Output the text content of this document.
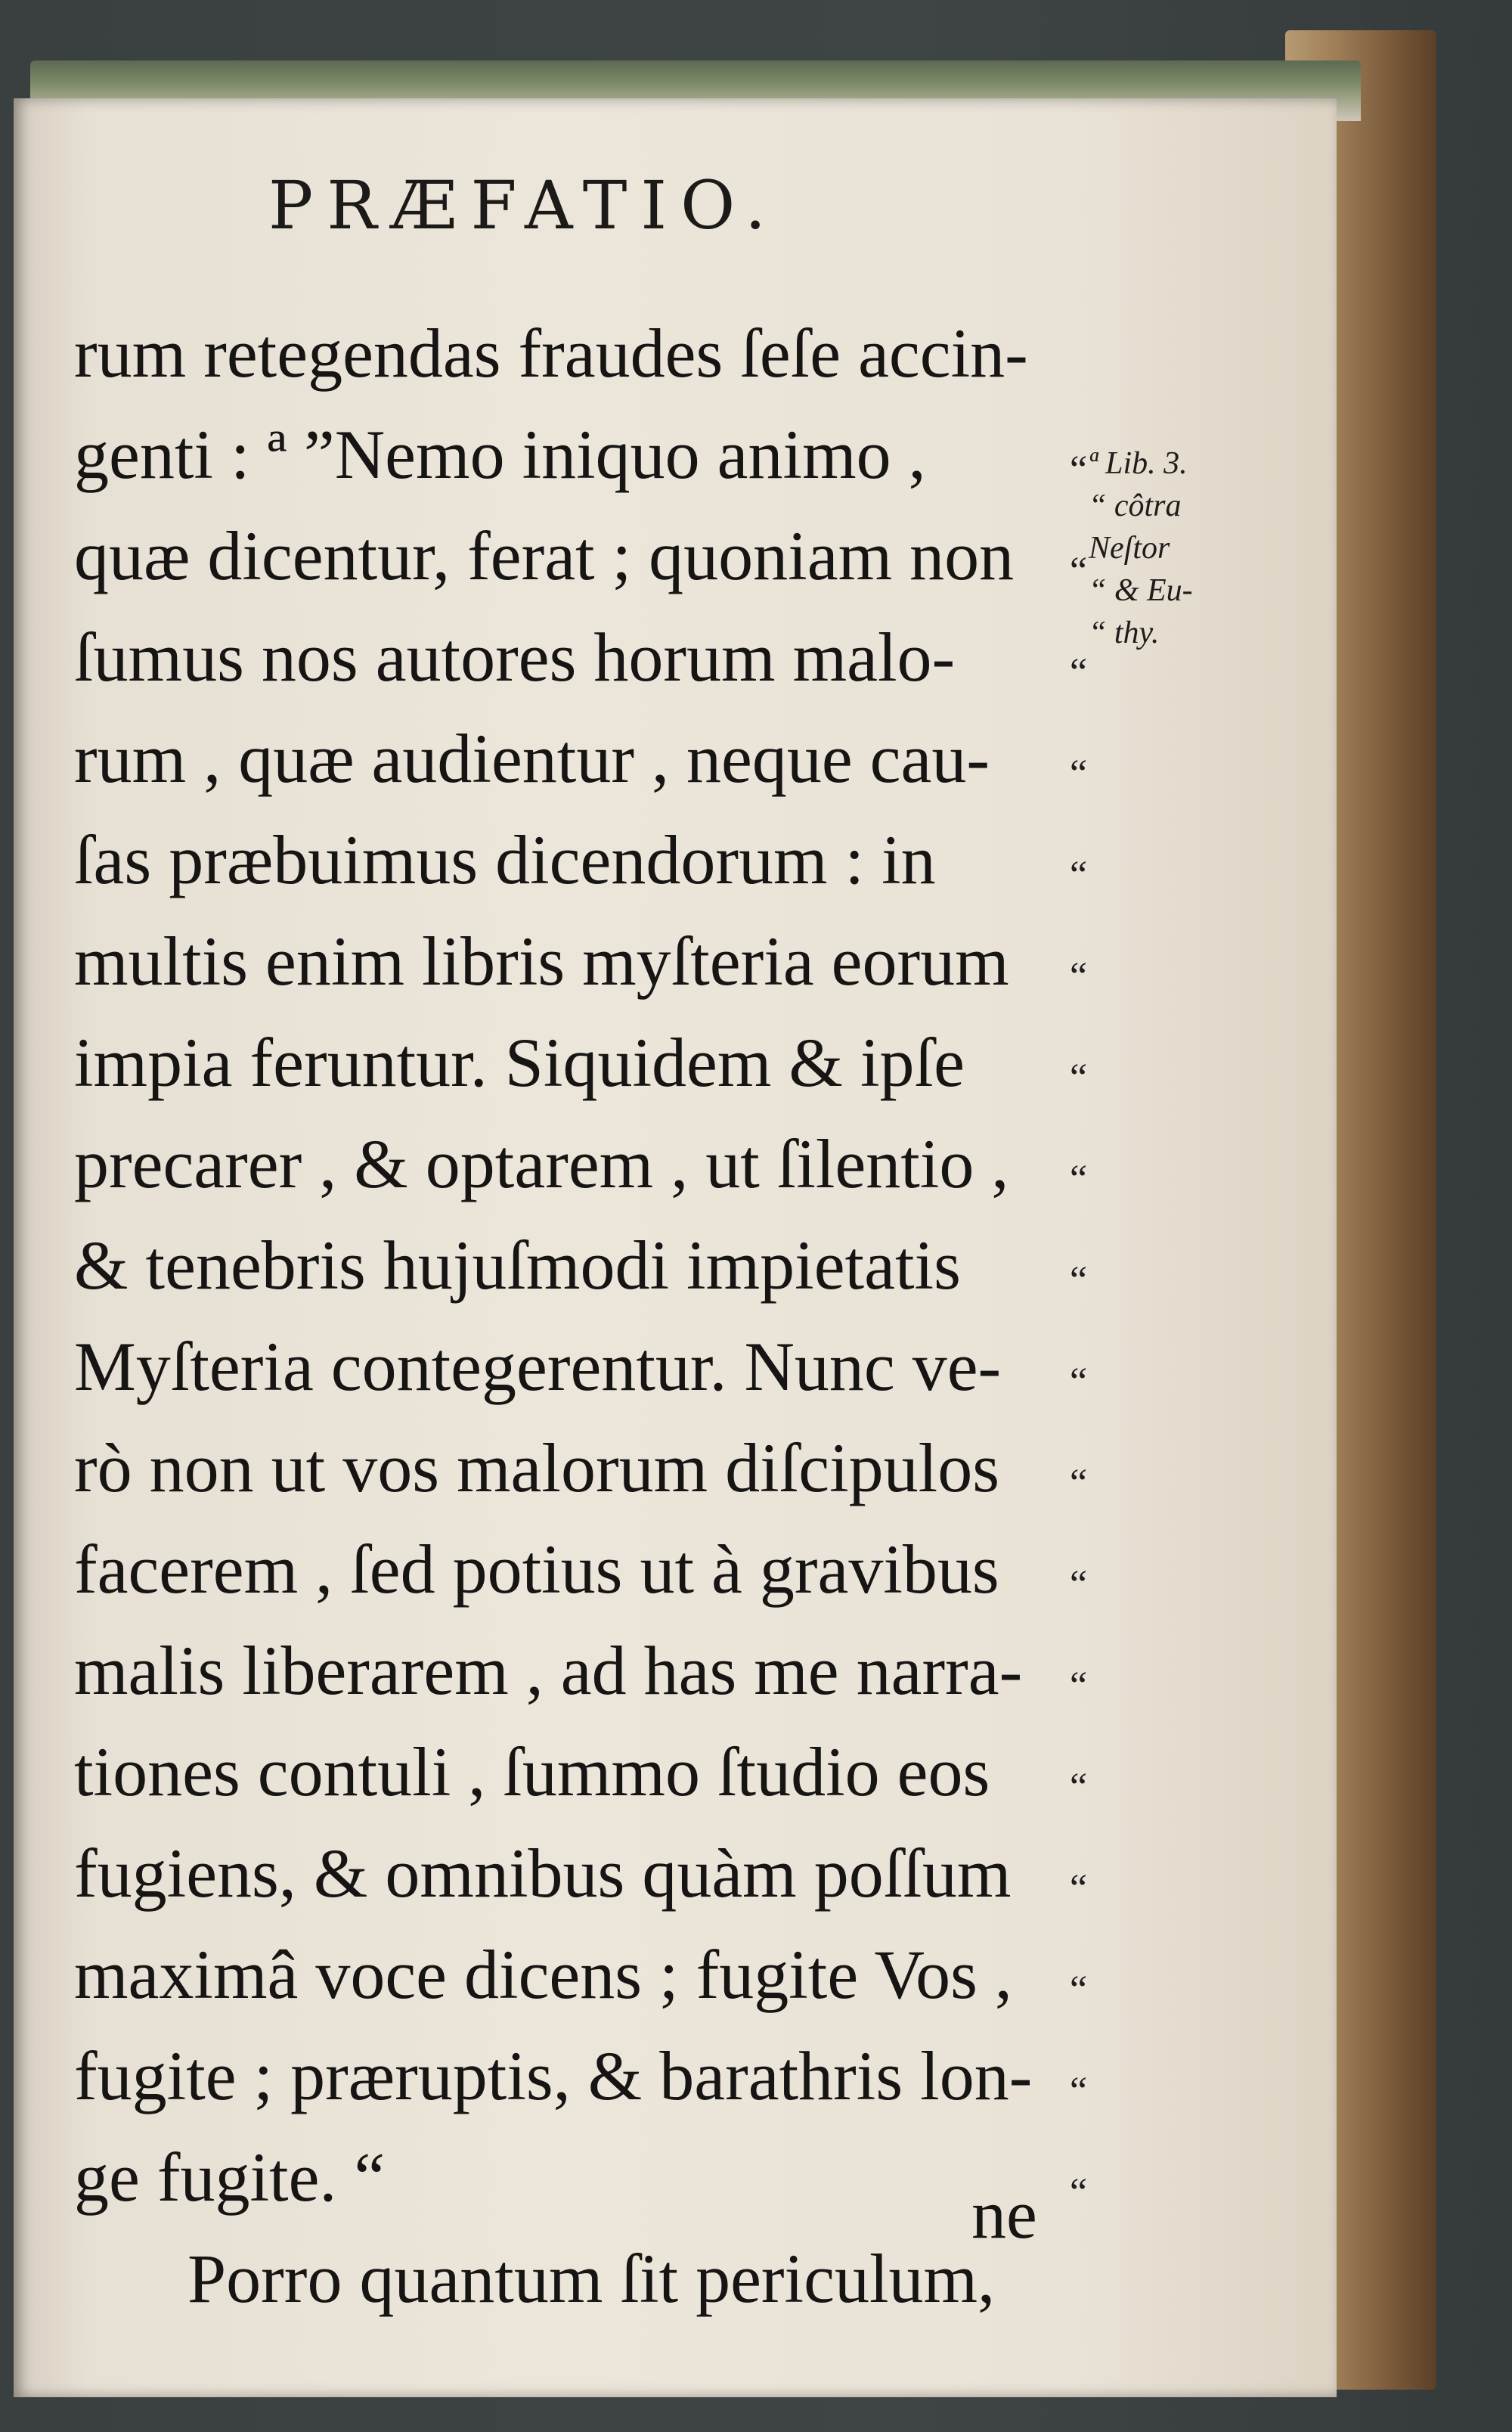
PRÆFATIO.
rum retegendas fraudes ſeſe accin-
genti : ª ”Nemo iniquo animo ,
quæ dicentur, ferat ; quoniam non
ſumus nos autores horum malo-
rum , quæ audientur , neque cau-
ſas præbuimus dicendorum : in
multis enim libris myſteria eorum
impia feruntur. Siquidem & ipſe
precarer , & optarem , ut ſilentio ,
& tenebris hujuſmodi impietatis
Myſteria contegerentur. Nunc ve-
rò non ut vos malorum diſcipulos
facerem , ſed potius ut à gravibus
malis liberarem , ad has me narra-
tiones contuli , ſummo ſtudio eos
fugiens, & omnibus quàm poſſum
maximâ voce dicens ; fugite Vos ,
fugite ; præruptis, & barathris lon-
ge fugite. “
Porro quantum ſit periculum,
ne
“
“
“
“
“
“
“
“
“
“
“
“
“
“
“
“
“
“
ª Lib. 3.
“ côtra
Neſtor
“ & Eu-
“ thy.
